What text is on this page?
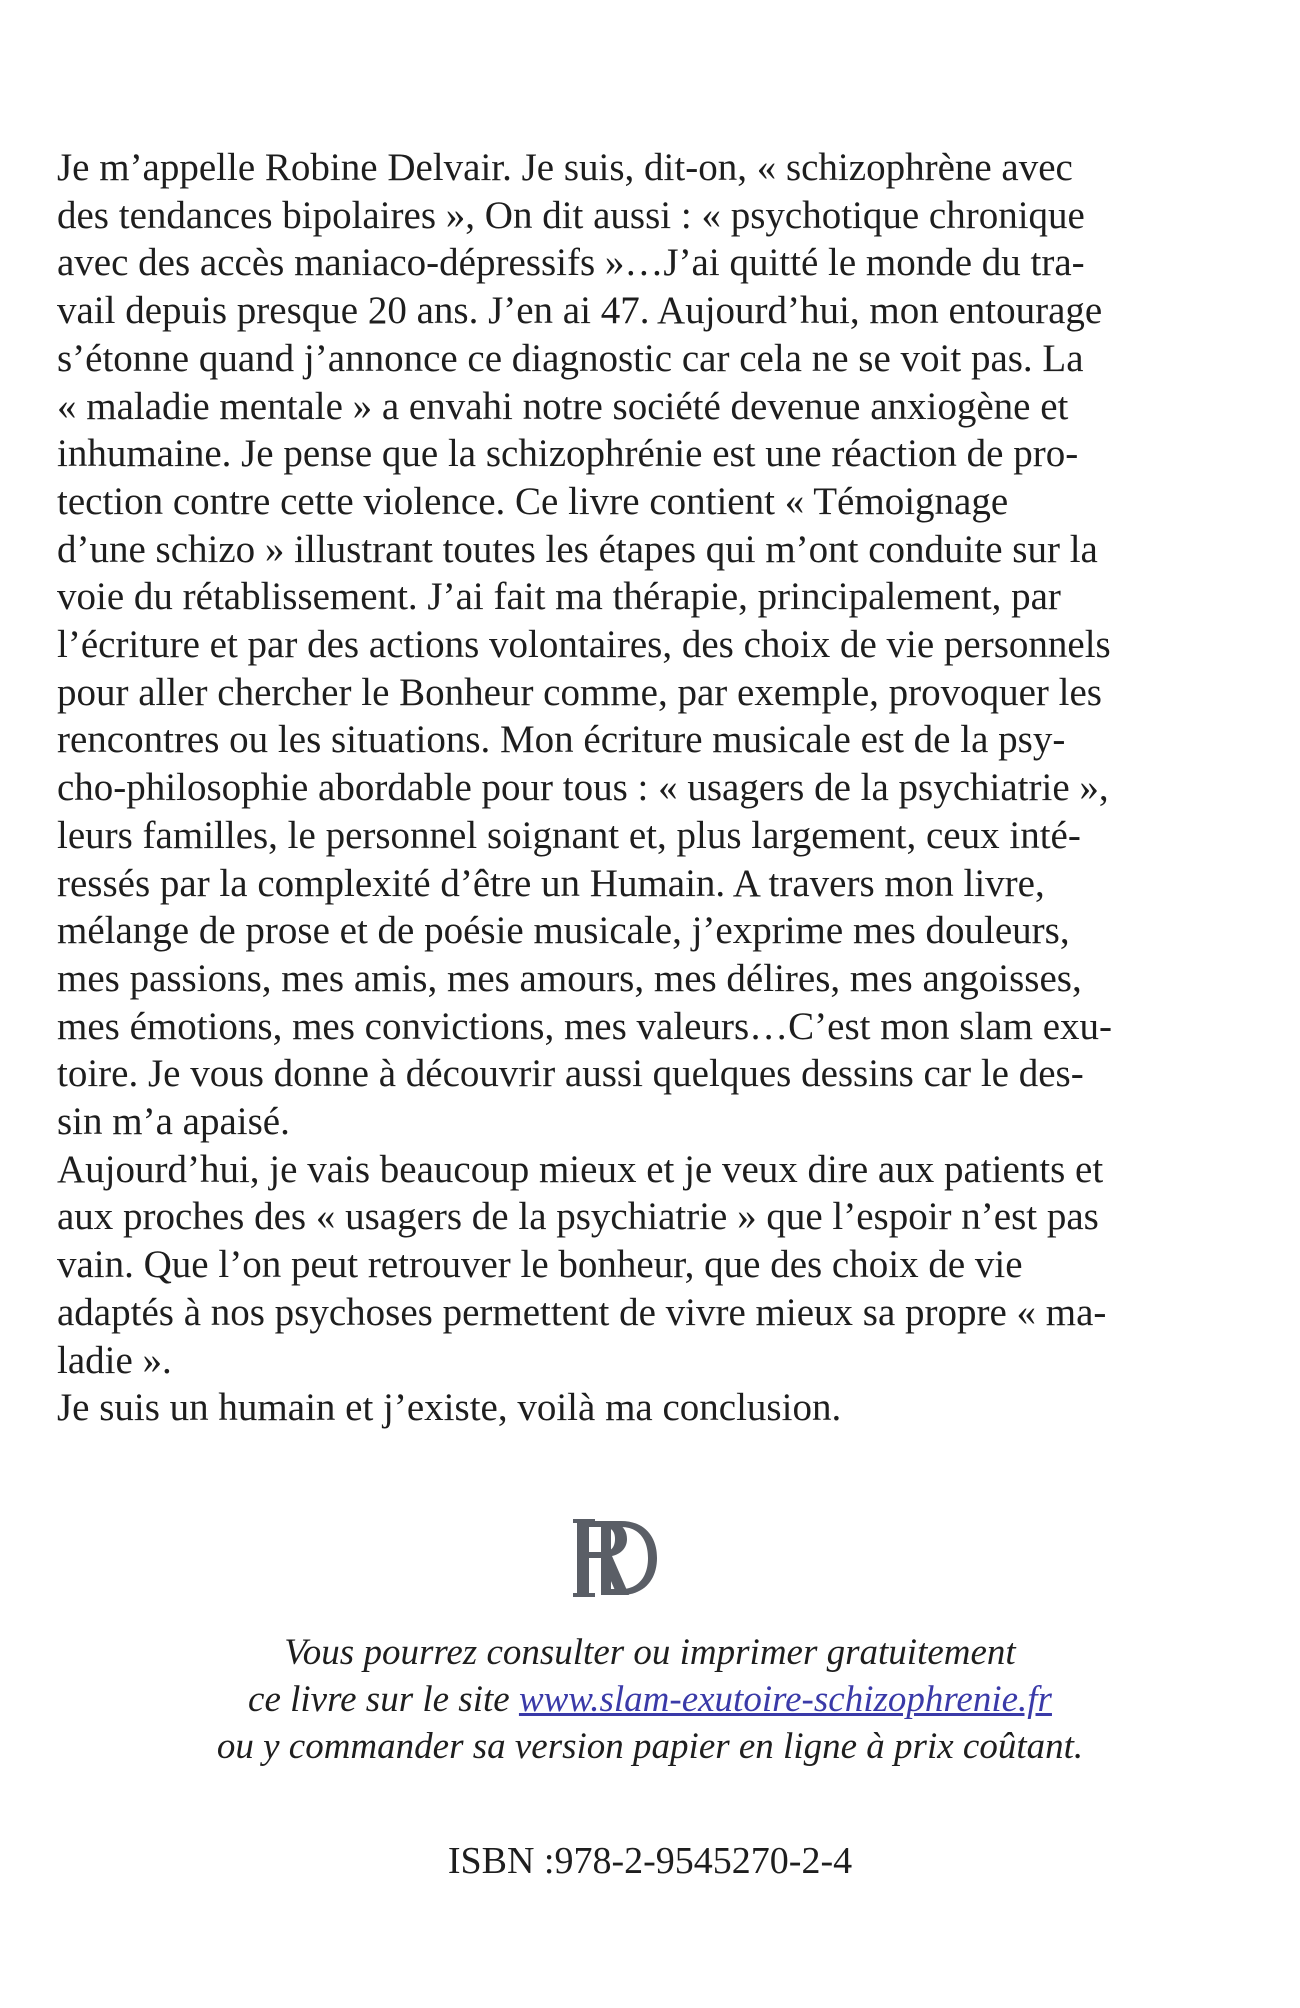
Je m’appelle Robine Delvair. Je suis, dit-on, « schizophrène avec
des tendances bipolaires », On dit aussi : « psychotique chronique
avec des accès maniaco-dépressifs »…J’ai quitté le monde du tra-
vail depuis presque 20 ans. J’en ai 47. Aujourd’hui, mon entourage
s’étonne quand j’annonce ce diagnostic car cela ne se voit pas. La
« maladie mentale » a envahi notre société devenue anxiogène et
inhumaine. Je pense que la schizophrénie est une réaction de pro-
tection contre cette violence. Ce livre contient « Témoignage
d’une schizo » illustrant toutes les étapes qui m’ont conduite sur la
voie du rétablissement. J’ai fait ma thérapie, principalement, par
l’écriture et par des actions volontaires, des choix de vie personnels
pour aller chercher le Bonheur comme, par exemple, provoquer les
rencontres ou les situations. Mon écriture musicale est de la psy-
cho-philosophie abordable pour tous : « usagers de la psychiatrie »,
leurs familles, le personnel soignant et, plus largement, ceux inté-
ressés par la complexité d’être un Humain. A travers mon livre,
mélange de prose et de poésie musicale, j’exprime mes douleurs,
mes passions, mes amis, mes amours, mes délires, mes angoisses,
mes émotions, mes convictions, mes valeurs…C’est mon slam exu-
toire. Je vous donne à découvrir aussi quelques dessins car le des-
sin m’a apaisé.
Aujourd’hui, je vais beaucoup mieux et je veux dire aux patients et
aux proches des « usagers de la psychiatrie » que l’espoir n’est pas
vain. Que l’on peut retrouver le bonheur, que des choix de vie
adaptés à nos psychoses permettent de vivre mieux sa propre « ma-
ladie ».
Je suis un humain et j’existe, voilà ma conclusion.
Vous pourrez consulter ou imprimer gratuitement
ce livre sur le site www.slam-exutoire-schizophrenie.fr
ou y commander sa version papier en ligne à prix coûtant.
ISBN :978-2-9545270-2-4
